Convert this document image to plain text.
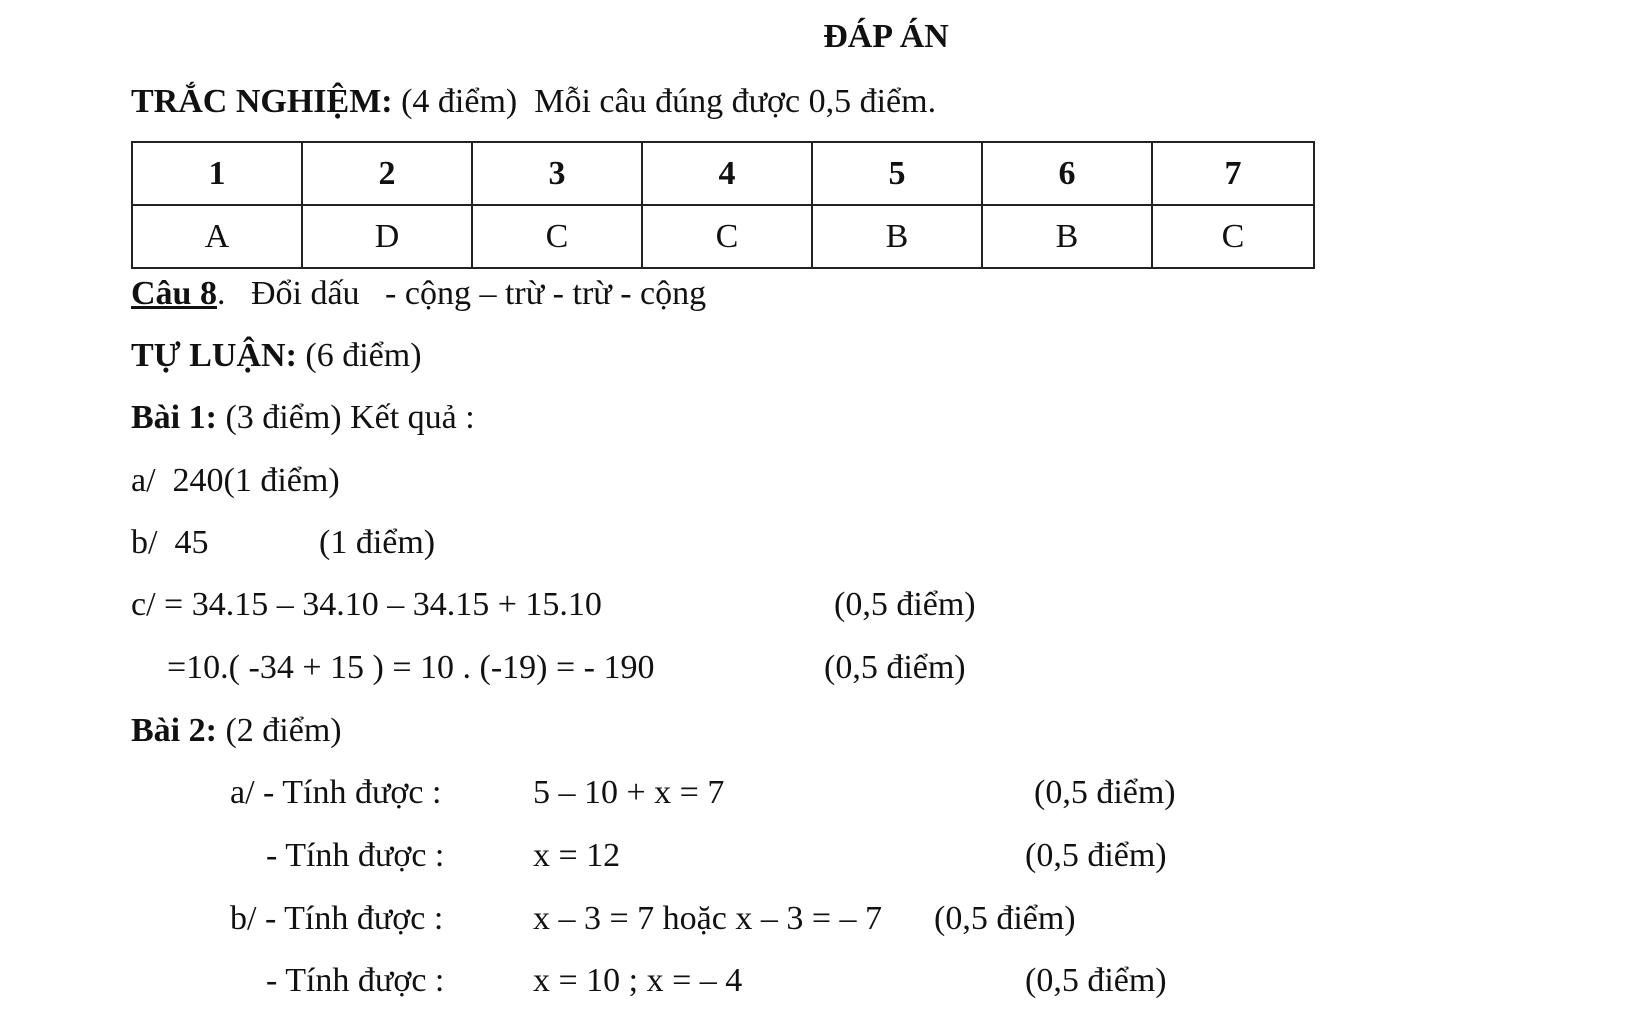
ĐÁP ÁN
TRẮC NGHIỆM: (4 điểm)  Mỗi câu đúng được 0,5 điểm.
1	2	3	4	5	6	7
A	D	C	C	B	B	C
Câu 8.   Đổi dấu   - cộng – trừ - trừ - cộng
TỰ LUẬN: (6 điểm)
Bài 1: (3 điểm) Kết quả :
a/  240(1 điểm)
b/  45	(1 điểm)
c/ = 34.15 – 34.10 – 34.15 + 15.10	(0,5 điểm)
=10.( -34 + 15 ) = 10 . (-19) = - 190	(0,5 điểm)
Bài 2: (2 điểm)
a/ - Tính được :	5 – 10 + x = 7	(0,5 điểm)
- Tính được :	x = 12	(0,5 điểm)
b/ - Tính được :	x – 3 = 7 hoặc x – 3 = – 7 (0,5 điểm)
- Tính được :	x = 10 ; x = – 4	(0,5 điểm)
